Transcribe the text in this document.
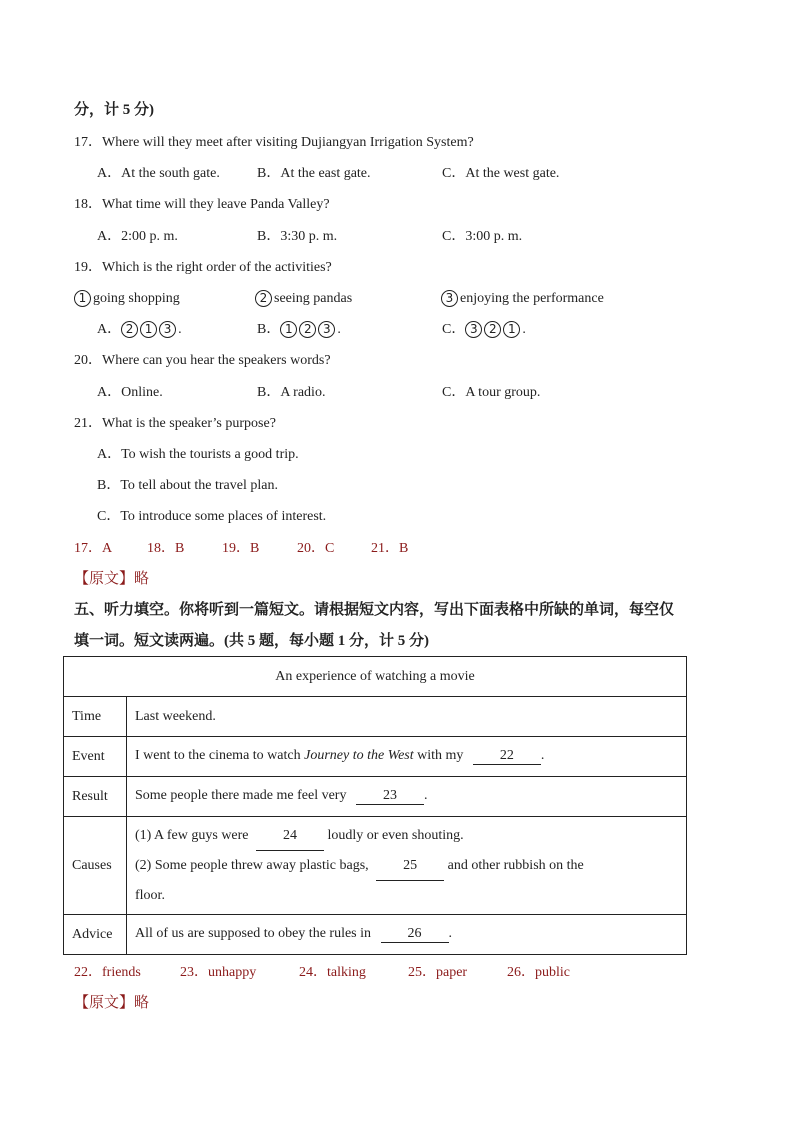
分，计 5 分)
17．Where will they meet after visiting Dujiangyan Irrigation System?
A．At the south gate.	B．At the east gate.	C．At the west gate.
18．What time will they leave Panda Valley?
A．2:00 p. m.	B．3:30 p. m.	C．3:00 p. m.
19．Which is the right order of the activities?
1 going shopping	2 seeing pandas	3 enjoying the performance
A． 2 1 3 .	B． 1 2 3 .	C． 3 2 1 .
20．Where can you hear the speakers words?
A．Online.	B．A radio.	C．A tour group.
21．What is the speaker’s purpose?
A．To wish the tourists a good trip.
B．To tell about the travel plan.
C．To introduce some places of interest.
17．A 18．B	19．B	20．C	21．B
【原文】略
五、听力填空。你将听到一篇短文。请根据短文内容，写出下面表格中所缺的单词，每空仅
填一词。短文读两遍。(共 5 题，每小题 1 分，计 5 分)
An experience of watching a movie	
Time	Last weekend.
Event	I went to the cinema to watch Journey to the West with my 22 .
Result	Some people there made me feel very 23 .
Causes	(1) A few guys were 24 loudly or even shouting.
(2) Some people threw away plastic bags, 25 and other rubbish on the
floor.

Advice	All of us are supposed to obey the rules in 26 .
22．friends	23．unhappy	24．talking	25．paper	26．public
【原文】略
